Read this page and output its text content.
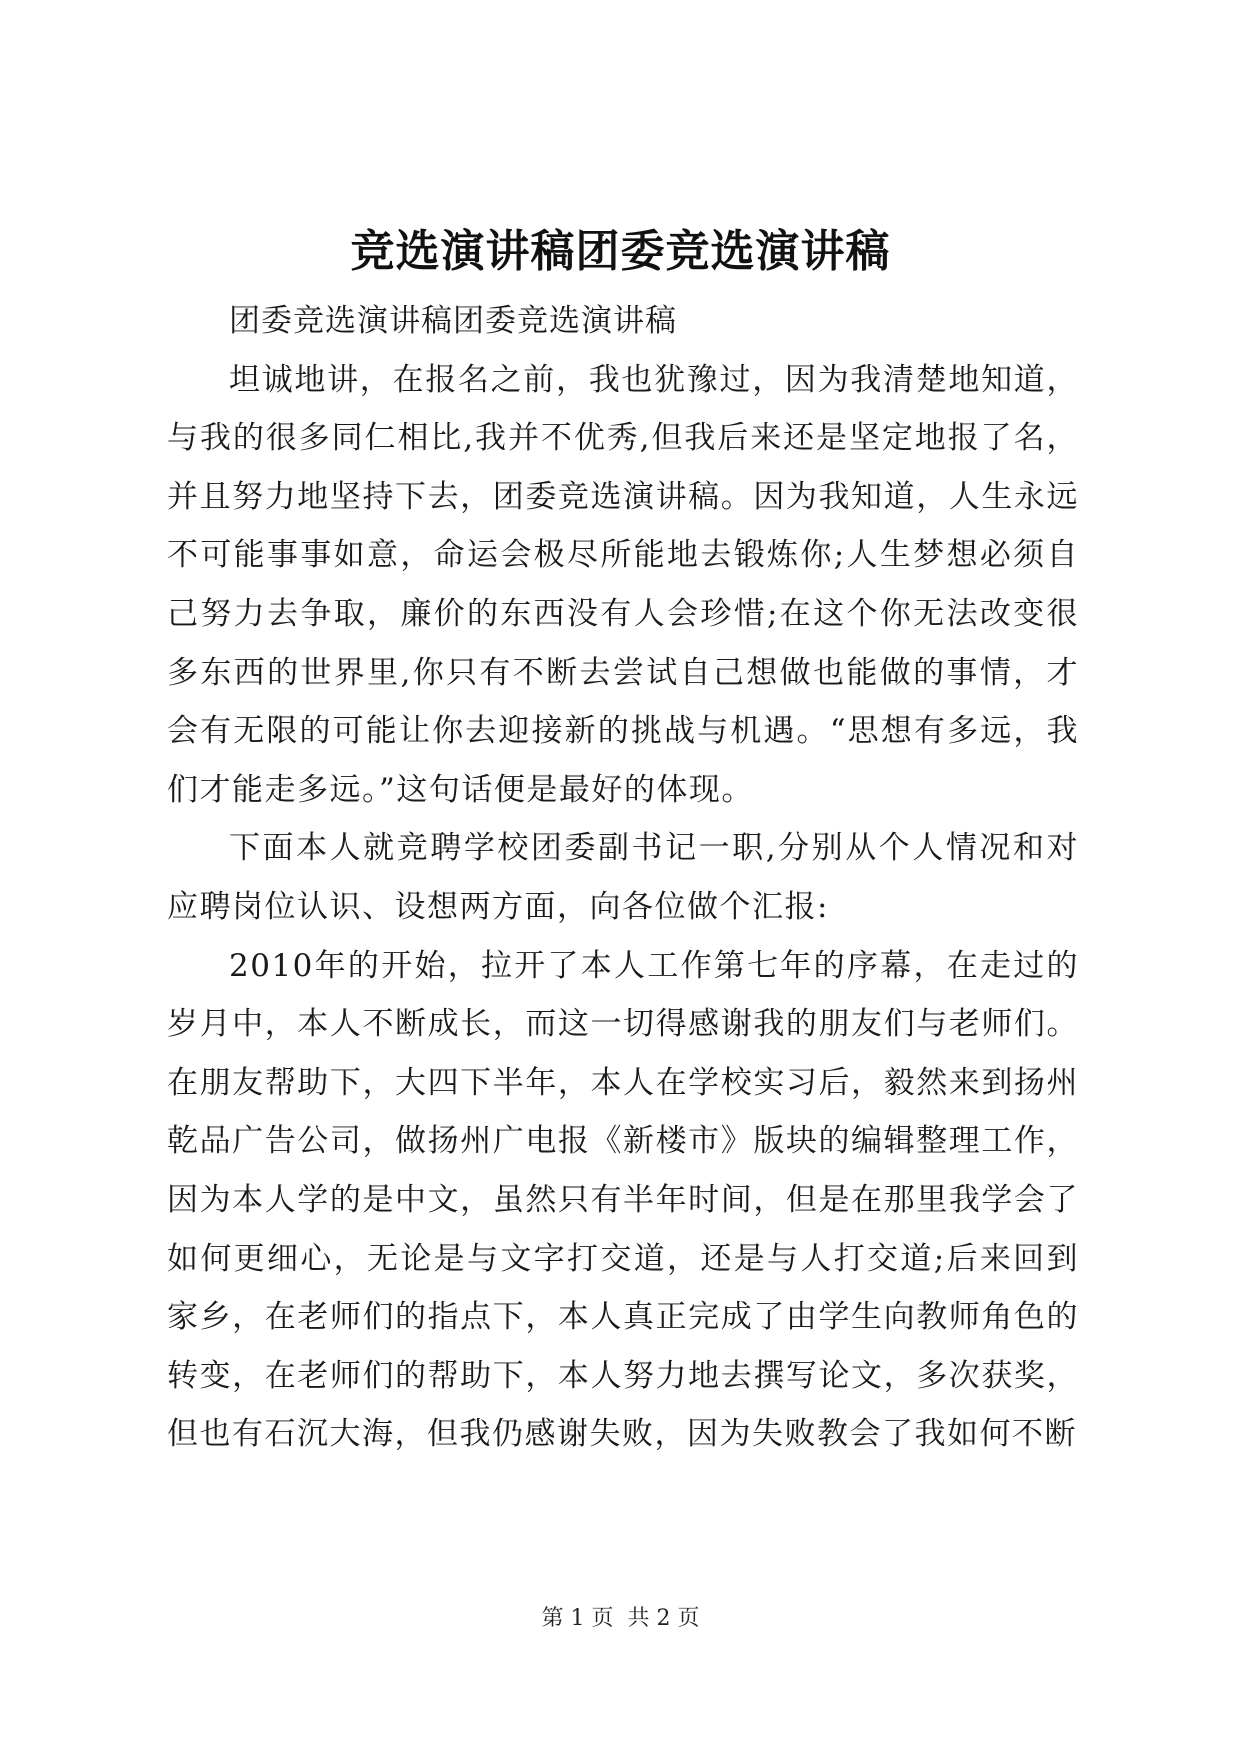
竞选演讲稿团委竞选演讲稿

团委竞选演讲稿团委竞选演讲稿

坦诚地讲，在报名之前，我也犹豫过，因为我清楚地知道，与我的很多同仁相比,我并不优秀,但我后来还是坚定地报了名，并且努力地坚持下去，团委竞选演讲稿。因为我知道，人生永远不可能事事如意，命运会极尽所能地去锻炼你;人生梦想必须自己努力去争取，廉价的东西没有人会珍惜;在这个你无法改变很多东西的世界里,你只有不断去尝试自己想做也能做的事情，才会有无限的可能让你去迎接新的挑战与机遇。“思想有多远，我们才能走多远。”这句话便是最好的体现。

下面本人就竞聘学校团委副书记一职,分别从个人情况和对应聘岗位认识、设想两方面，向各位做个汇报:

2010年的开始，拉开了本人工作第七年的序幕，在走过的岁月中，本人不断成长，而这一切得感谢我的朋友们与老师们。在朋友帮助下，大四下半年，本人在学校实习后，毅然来到扬州乾品广告公司，做扬州广电报《新楼市》版块的编辑整理工作，因为本人学的是中文，虽然只有半年时间，但是在那里我学会了如何更细心，无论是与文字打交道，还是与人打交道;后来回到家乡，在老师们的指点下，本人真正完成了由学生向教师角色的转变，在老师们的帮助下，本人努力地去撰写论文，多次获奖，但也有石沉大海，但我仍感谢失败，因为失败教会了我如何不断

第 1 页  共 2 页
